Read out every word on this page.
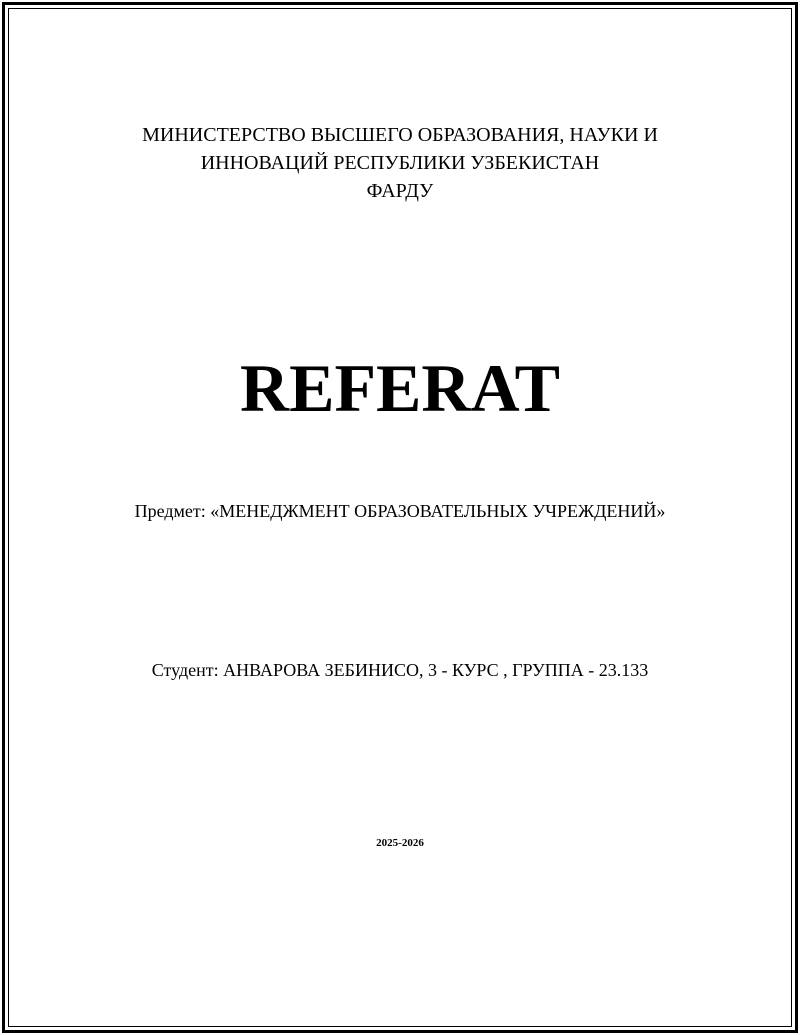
МИНИСТЕРСТВО ВЫСШЕГО ОБРАЗОВАНИЯ, НАУКИ И
ИННОВАЦИЙ РЕСПУБЛИКИ УЗБЕКИСТАН
ФАРДУ
REFERAT
Предмет: «МЕНЕДЖМЕНТ ОБРАЗОВАТЕЛЬНЫХ УЧРЕЖДЕНИЙ»
Студент: АНВАРОВА ЗЕБИНИСО, 3 - КУРС , ГРУППА - 23.133
2025-2026
